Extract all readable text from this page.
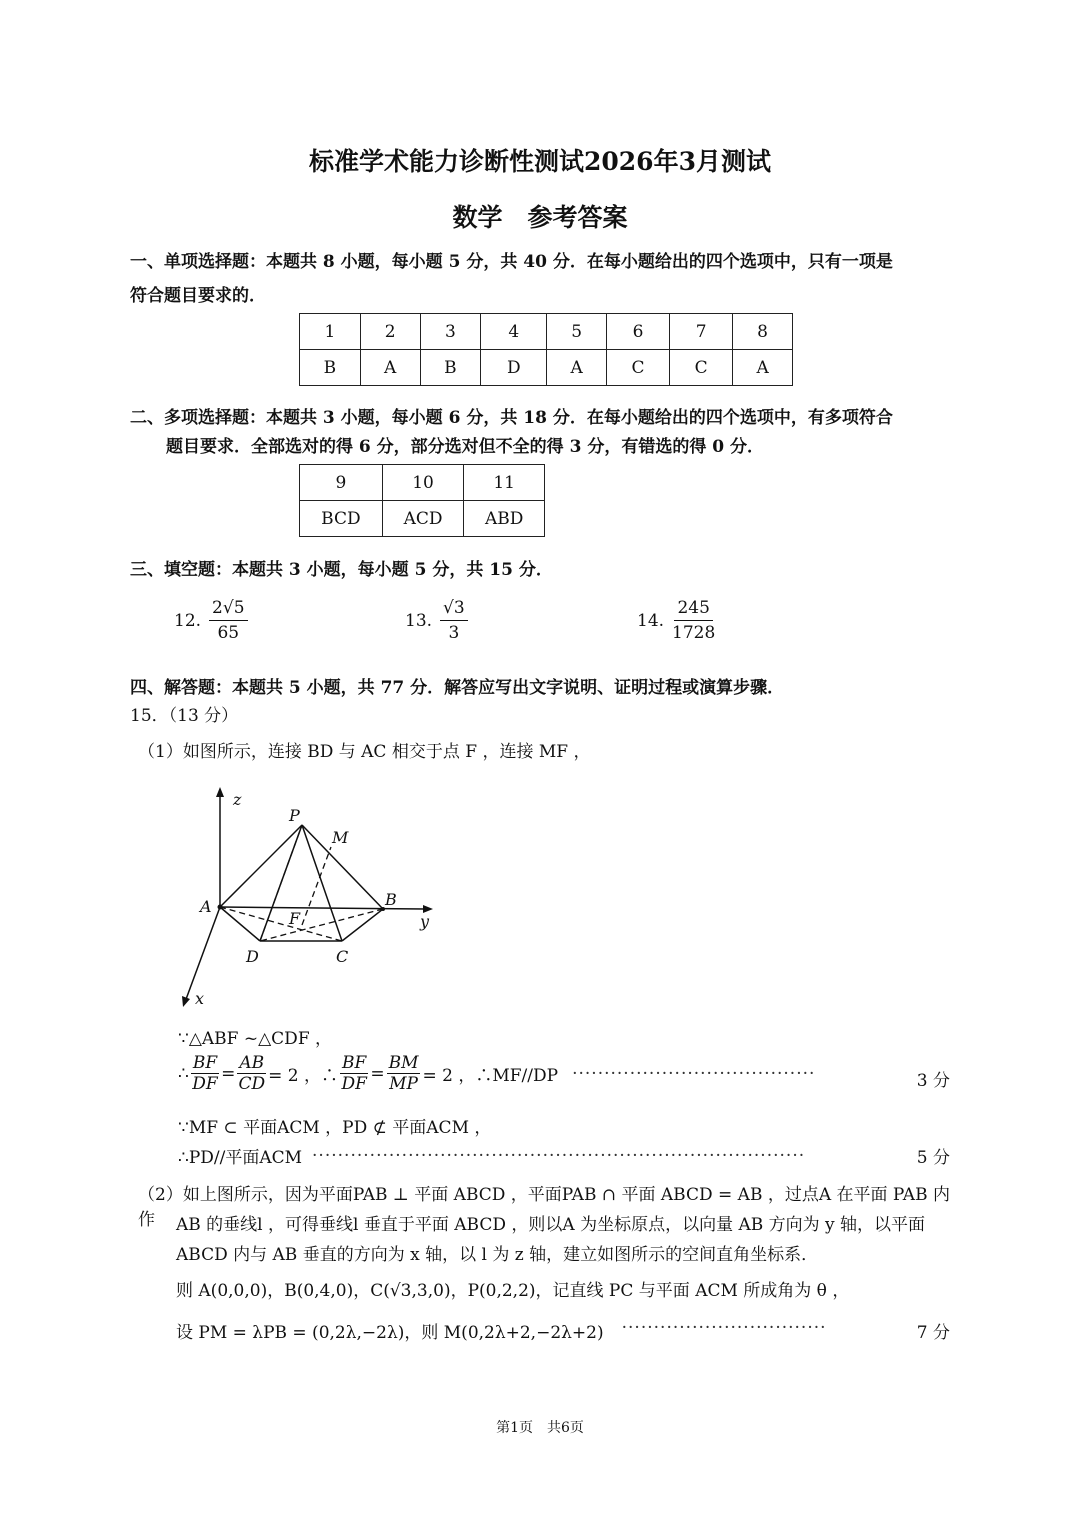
标准学术能力诊断性测试2026年3月测试
数学　参考答案
一、单项选择题：本题共 8 小题，每小题 5 分，共 40 分．在每小题给出的四个选项中，只有一项是
符合题目要求的．
1	2	3	4	5	6	7	8
B	A	B	D	A	C	C	A
二、多项选择题：本题共 3 小题，每小题 6 分，共 18 分．在每小题给出的四个选项中，有多项符合
题目要求．全部选对的得 6 分，部分选对但不全的得 3 分，有错选的得 0 分．
9	10	11
BCD	ACD	ABD
三、填空题：本题共 3 小题，每小题 5 分，共 15 分．
12. $\frac{2√5}{65}$	13. $\frac{√3}{3}$	14. $\frac{245}{1728}$
四、解答题：本题共 5 小题，共 77 分．解答应写出文字说明、证明过程或演算步骤．
15．（13 分）
（1）如图所示，连接 BD 与 AC 相交于点 F ，连接 MF ，
z
y
x
P
M
A	B
F
D	C
∵△ABF ~△CDF ，
∴ $\frac{BF}{DF} = \frac{AB}{CD} = 2$ ，∴ $\frac{BF}{DF} = \frac{BM}{MP} = 2$ ，∴MF//DP ······································	3 分
∵MF ⊂ 平面ACM ，PD ⊄ 平面ACM ，
∴PD//平面ACM ·············································································	5 分
（2）如上图所示，因为平面PAB ⊥ 平面 ABCD ，平面PAB ∩ 平面 ABCD = AB ，过点A 在平面 PAB 内作	AB 的垂线l ，可得垂线l 垂直于平面 ABCD ，则以A 为坐标原点，以向量 AB 方向为 y 轴，以平面
ABCD 内与 AB 垂直的方向为 x 轴，以 l 为 z 轴，建立如图所示的空间直角坐标系．
则 A(0,0,0)，B(0,4,0)，C(√3,3,0)，P(0,2,2)，记直线 PC 与平面 ACM 所成角为 θ ，
设 PM = λPB = (0,2λ,−2λ)，则 M(0,2λ+2,−2λ+2) ································	7 分
第1页　共6页
